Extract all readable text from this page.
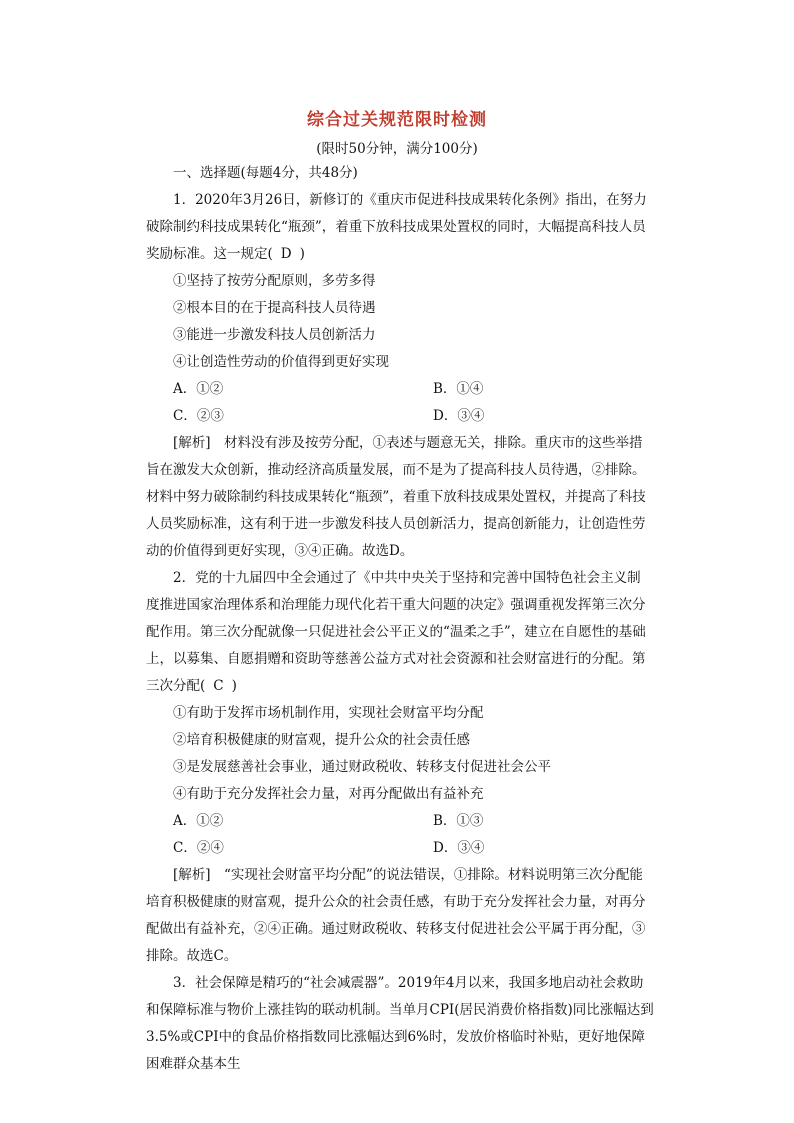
综合过关规范限时检测
(限时50分钟，满分100分)

一、选择题(每题4分，共48分)

1．2020年3月26日，新修订的《重庆市促进科技成果转化条例》指出，在努力破除制约科技成果转化“瓶颈”，着重下放科技成果处置权的同时，大幅提高科技人员奖励标准。这一规定( D )

①坚持了按劳分配原则，多劳多得

②根本目的在于提高科技人员待遇

③能进一步激发科技人员创新活力

④让创造性劳动的价值得到更好实现

A．①②	B．①④

C．②③	D．③④

[解析]　材料没有涉及按劳分配，①表述与题意无关，排除。重庆市的这些举措旨在激发大众创新，推动经济高质量发展，而不是为了提高科技人员待遇，②排除。材料中努力破除制约科技成果转化“瓶颈”，着重下放科技成果处置权，并提高了科技人员奖励标准，这有利于进一步激发科技人员创新活力，提高创新能力，让创造性劳动的价值得到更好实现，③④正确。故选D。

2．党的十九届四中全会通过了《中共中央关于坚持和完善中国特色社会主义制度推进国家治理体系和治理能力现代化若干重大问题的决定》强调重视发挥第三次分配作用。第三次分配就像一只促进社会公平正义的“温柔之手”，建立在自愿性的基础上，以募集、自愿捐赠和资助等慈善公益方式对社会资源和社会财富进行的分配。第三次分配( C )

①有助于发挥市场机制作用，实现社会财富平均分配

②培育积极健康的财富观，提升公众的社会责任感

③是发展慈善社会事业，通过财政税收、转移支付促进社会公平

④有助于充分发挥社会力量，对再分配做出有益补充

A．①②	B．①③

C．②④	D．③④

[解析]　“实现社会财富平均分配”的说法错误，①排除。材料说明第三次分配能培育积极健康的财富观，提升公众的社会责任感，有助于充分发挥社会力量，对再分配做出有益补充，②④正确。通过财政税收、转移支付促进社会公平属于再分配，③排除。故选C。

3．社会保障是精巧的“社会减震器”。2019年4月以来，我国多地启动社会救助和保障标准与物价上涨挂钩的联动机制。当单月CPI(居民消费价格指数)同比涨幅达到3.5%或CPI中的食品价格指数同比涨幅达到6%时，发放价格临时补贴，更好地保障困难群众基本生
